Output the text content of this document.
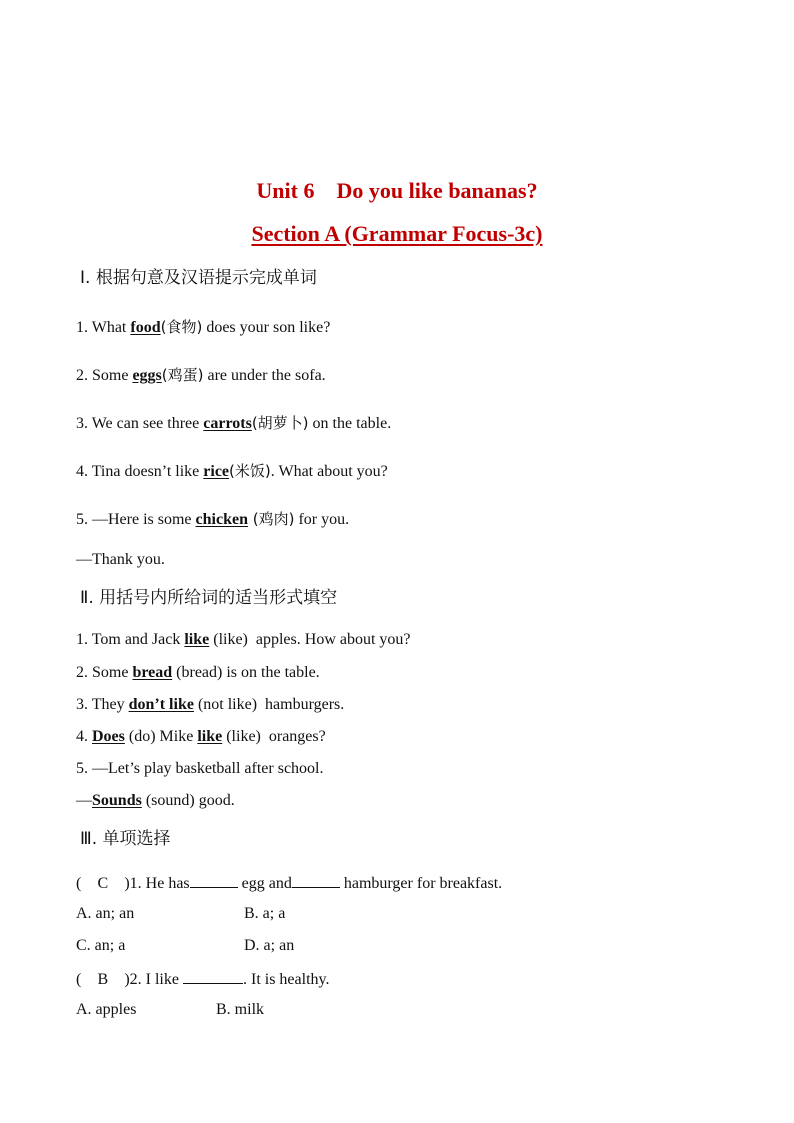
Unit 6    Do you like bananas?
Section A (Grammar Focus-3c)
Ⅰ. 根据句意及汉语提示完成单词
1. What food(食物) does your son like?
2. Some eggs(鸡蛋) are under the sofa.
3. We can see three carrots(胡萝卜) on the table.
4. Tina doesn’t like rice(米饭). What about you?
5. —Here is some chicken (鸡肉) for you.
—Thank you.
Ⅱ. 用括号内所给词的适当形式填空
1. Tom and Jack like (like)  apples. How about you?
2. Some bread (bread) is on the table.
3. They don’t like (not like)  hamburgers.
4. Does (do) Mike like (like)  oranges?
5. —Let’s play basketball after school.
—Sounds (sound) good.
Ⅲ. 单项选择
( C )1. He has	egg and	hamburger for breakfast.
A. an; an	B. a; a
C. an; a	D. a; an
( B )2. I like	. It is healthy.
A. apples	B. milk
